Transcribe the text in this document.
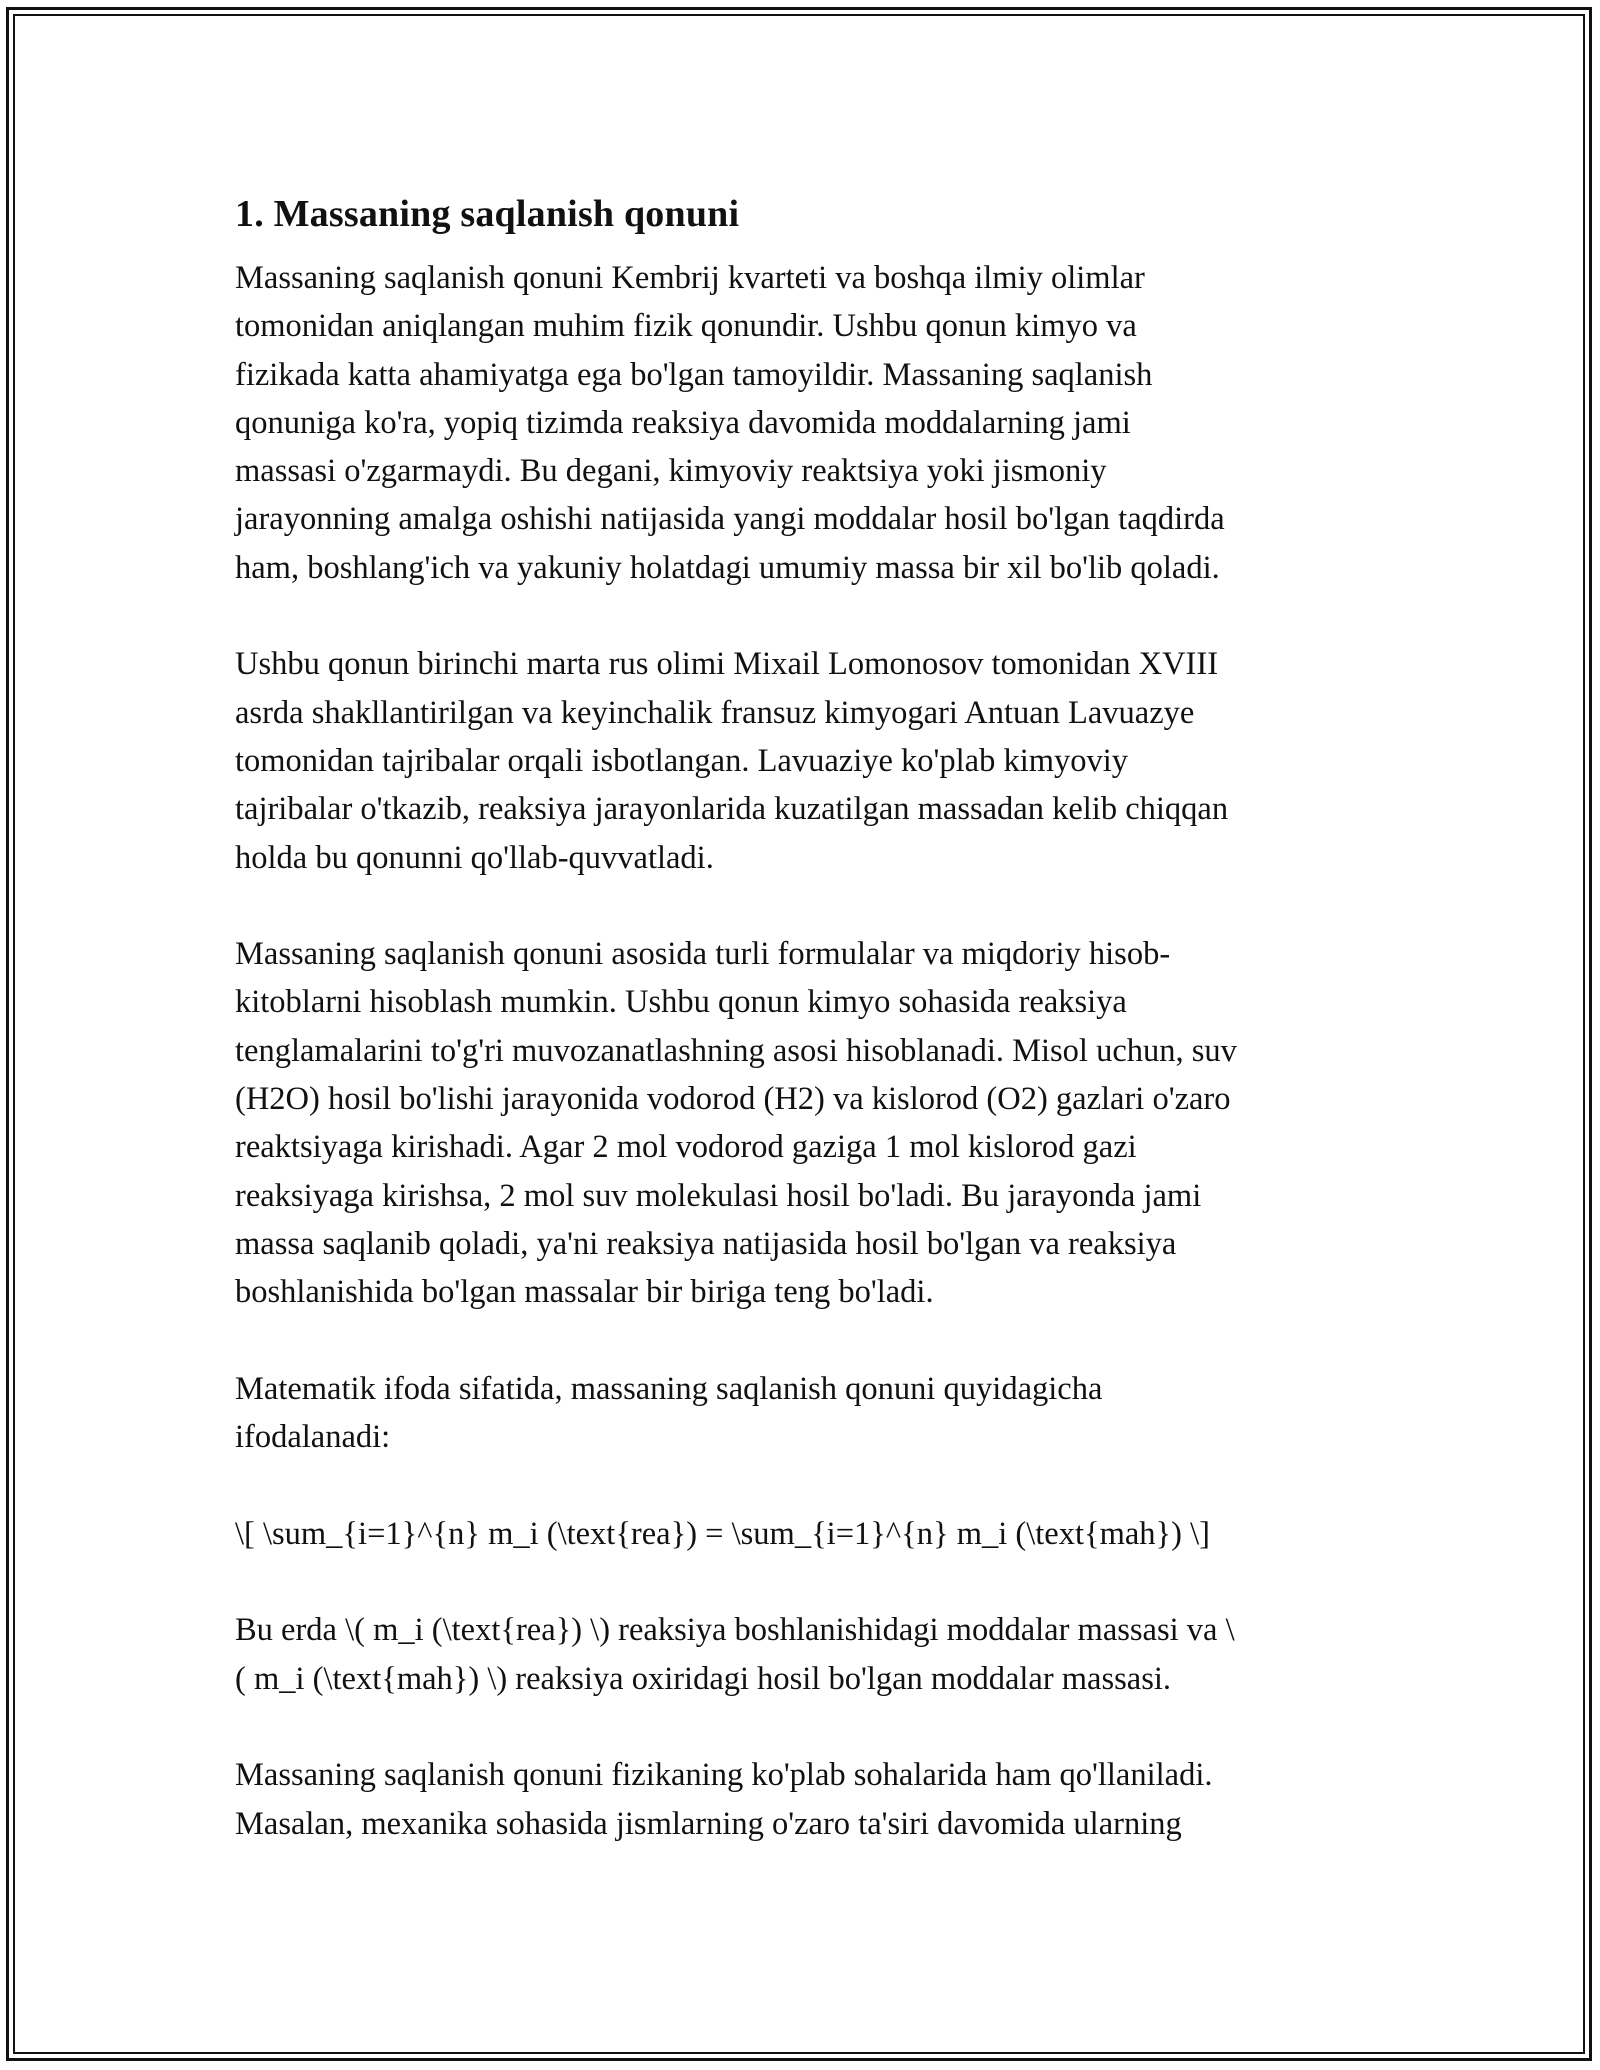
1. Massaning saqlanish qonuni

Massaning saqlanish qonuni Kembrij kvarteti va boshqa ilmiy olimlar
tomonidan aniqlangan muhim fizik qonundir. Ushbu qonun kimyo va
fizikada katta ahamiyatga ega bo'lgan tamoyildir. Massaning saqlanish
qonuniga ko'ra, yopiq tizimda reaksiya davomida moddalarning jami
massasi o'zgarmaydi. Bu degani, kimyoviy reaktsiya yoki jismoniy
jarayonning amalga oshishi natijasida yangi moddalar hosil bo'lgan taqdirda
ham, boshlang'ich va yakuniy holatdagi umumiy massa bir xil bo'lib qoladi.

Ushbu qonun birinchi marta rus olimi Mixail Lomonosov tomonidan XVIII
asrda shakllantirilgan va keyinchalik fransuz kimyogari Antuan Lavuazye
tomonidan tajribalar orqali isbotlangan. Lavuaziye ko'plab kimyoviy
tajribalar o'tkazib, reaksiya jarayonlarida kuzatilgan massadan kelib chiqqan
holda bu qonunni qo'llab-quvvatladi.

Massaning saqlanish qonuni asosida turli formulalar va miqdoriy hisob-
kitoblarni hisoblash mumkin. Ushbu qonun kimyo sohasida reaksiya
tenglamalarini to'g'ri muvozanatlashning asosi hisoblanadi. Misol uchun, suv
(H2O) hosil bo'lishi jarayonida vodorod (H2) va kislorod (O2) gazlari o'zaro
reaktsiyaga kirishadi. Agar 2 mol vodorod gaziga 1 mol kislorod gazi
reaksiyaga kirishsa, 2 mol suv molekulasi hosil bo'ladi. Bu jarayonda jami
massa saqlanib qoladi, ya'ni reaksiya natijasida hosil bo'lgan va reaksiya
boshlanishida bo'lgan massalar bir biriga teng bo'ladi.

Matematik ifoda sifatida, massaning saqlanish qonuni quyidagicha
ifodalanadi:

\[ \sum_{i=1}^{n} m_i (\text{rea}) = \sum_{i=1}^{n} m_i (\text{mah}) \]

Bu erda \( m_i (\text{rea}) \) reaksiya boshlanishidagi moddalar massasi va \
( m_i (\text{mah}) \) reaksiya oxiridagi hosil bo'lgan moddalar massasi.

Massaning saqlanish qonuni fizikaning ko'plab sohalarida ham qo'llaniladi.
Masalan, mexanika sohasida jismlarning o'zaro ta'siri davomida ularning
